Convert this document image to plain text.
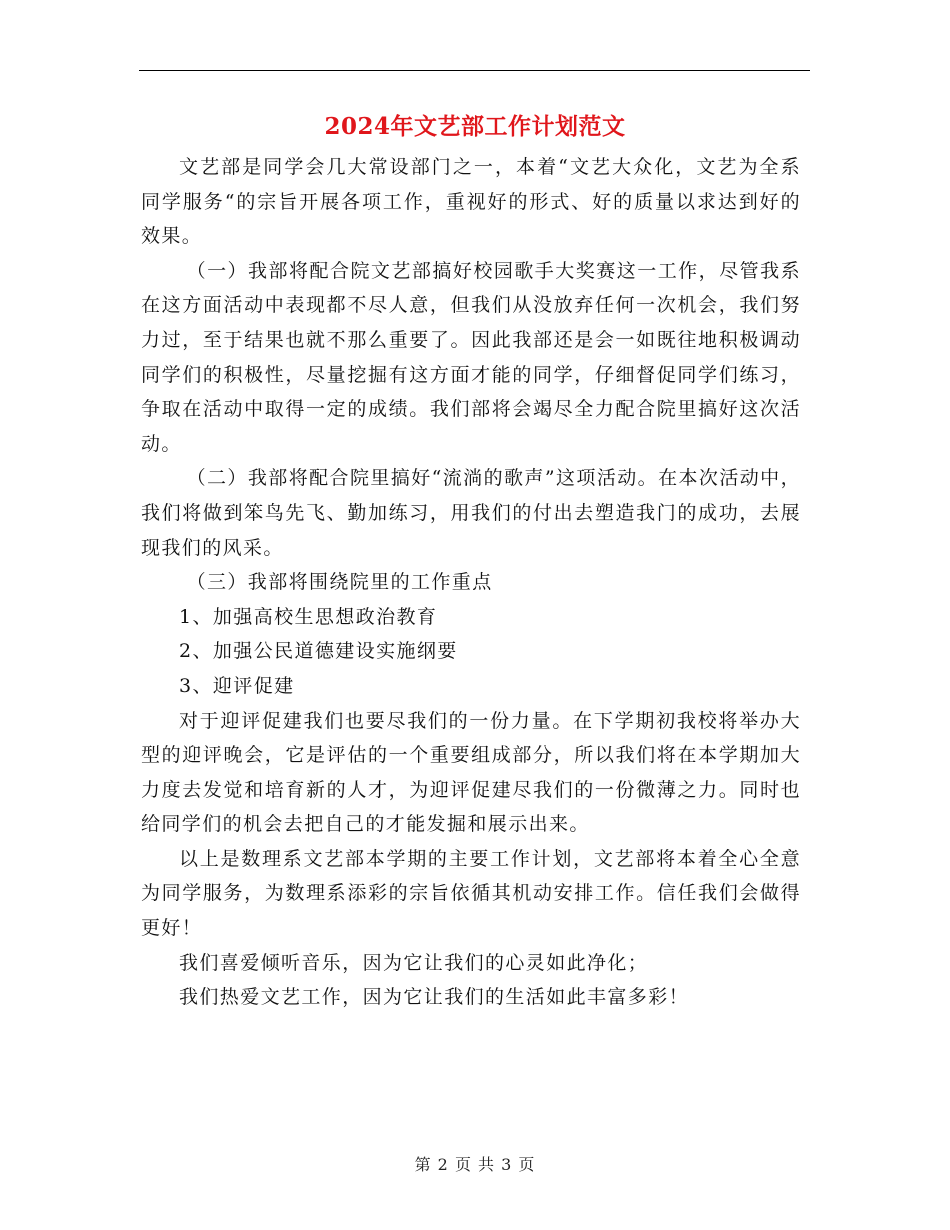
2024年文艺部工作计划范文

文艺部是同学会几大常设部门之一，本着“文艺大众化，文艺为全系同学服务“的宗旨开展各项工作，重视好的形式、好的质量以求达到好的效果。

（一）我部将配合院文艺部搞好校园歌手大奖赛这一工作，尽管我系在这方面活动中表现都不尽人意，但我们从没放弃任何一次机会，我们努力过，至于结果也就不那么重要了。因此我部还是会一如既往地积极调动同学们的积极性，尽量挖掘有这方面才能的同学，仔细督促同学们练习，争取在活动中取得一定的成绩。我们部将会竭尽全力配合院里搞好这次活动。

（二）我部将配合院里搞好“流淌的歌声”这项活动。在本次活动中，我们将做到笨鸟先飞、勤加练习，用我们的付出去塑造我门的成功，去展现我们的风采。

（三）我部将围绕院里的工作重点

1、加强高校生思想政治教育

2、加强公民道德建设实施纲要

3、迎评促建

对于迎评促建我们也要尽我们的一份力量。在下学期初我校将举办大型的迎评晚会，它是评估的一个重要组成部分，所以我们将在本学期加大力度去发觉和培育新的人才，为迎评促建尽我们的一份微薄之力。同时也给同学们的机会去把自己的才能发掘和展示出来。

以上是数理系文艺部本学期的主要工作计划，文艺部将本着全心全意为同学服务，为数理系添彩的宗旨依循其机动安排工作。信任我们会做得更好！

我们喜爱倾听音乐，因为它让我们的心灵如此净化；

我们热爱文艺工作，因为它让我们的生活如此丰富多彩！

第 2 页 共 3 页
